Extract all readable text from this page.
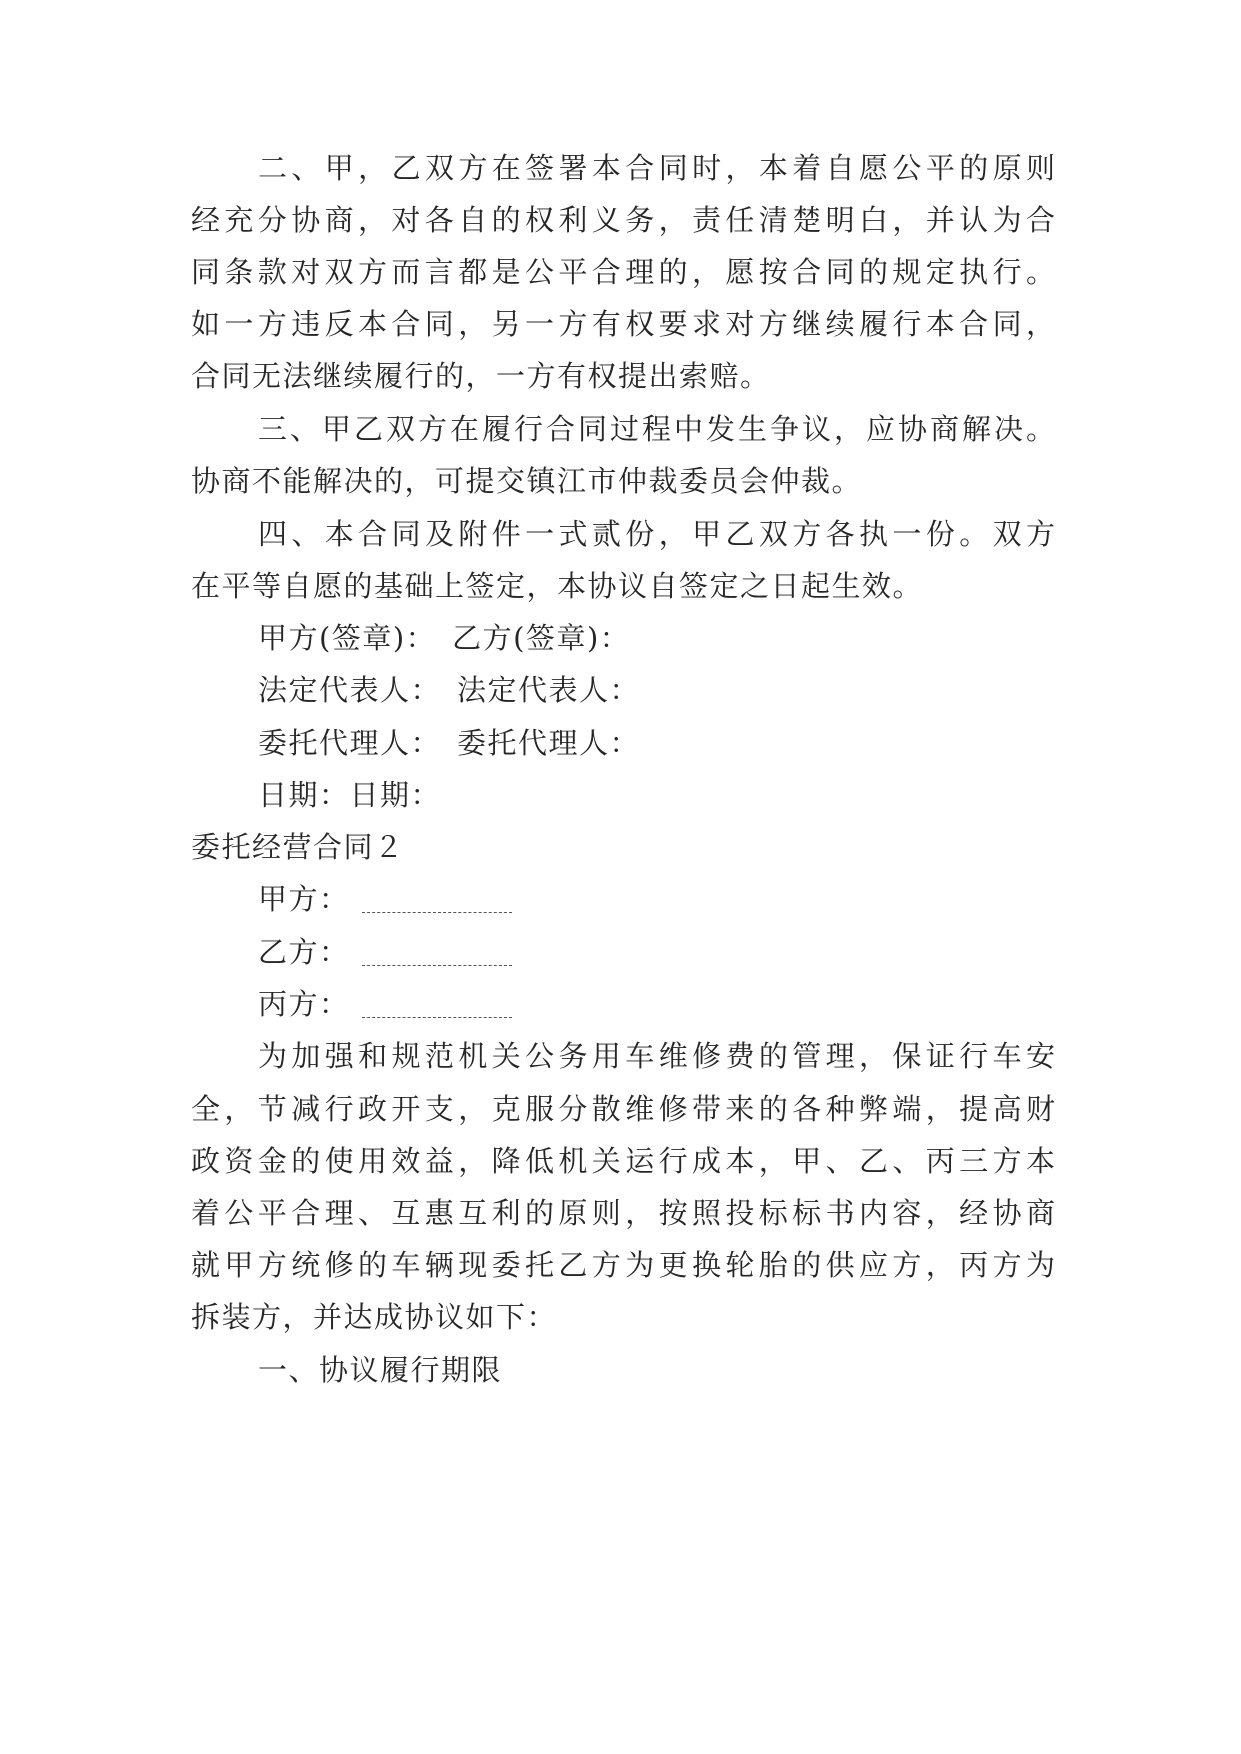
二、甲，乙双方在签署本合同时，本着自愿公平的原则
经充分协商，对各自的权利义务，责任清楚明白，并认为合
同条款对双方而言都是公平合理的，愿按合同的规定执行。
如一方违反本合同，另一方有权要求对方继续履行本合同，
合同无法继续履行的，一方有权提出索赔。
三、甲乙双方在履行合同过程中发生争议，应协商解决。
协商不能解决的，可提交镇江市仲裁委员会仲裁。
四、本合同及附件一式贰份，甲乙双方各执一份。双方
在平等自愿的基础上签定，本协议自签定之日起生效。
甲方(签章)：　乙方(签章)：
法定代表人：　法定代表人：
委托代理人：　委托代理人：
日期：日期：
委托经营合同２
甲方：
乙方：
丙方：
为加强和规范机关公务用车维修费的管理，保证行车安
全，节减行政开支，克服分散维修带来的各种弊端，提高财
政资金的使用效益，降低机关运行成本，甲、乙、丙三方本
着公平合理、互惠互利的原则，按照投标标书内容，经协商
就甲方统修的车辆现委托乙方为更换轮胎的供应方，丙方为
拆装方，并达成协议如下：
一、协议履行期限
